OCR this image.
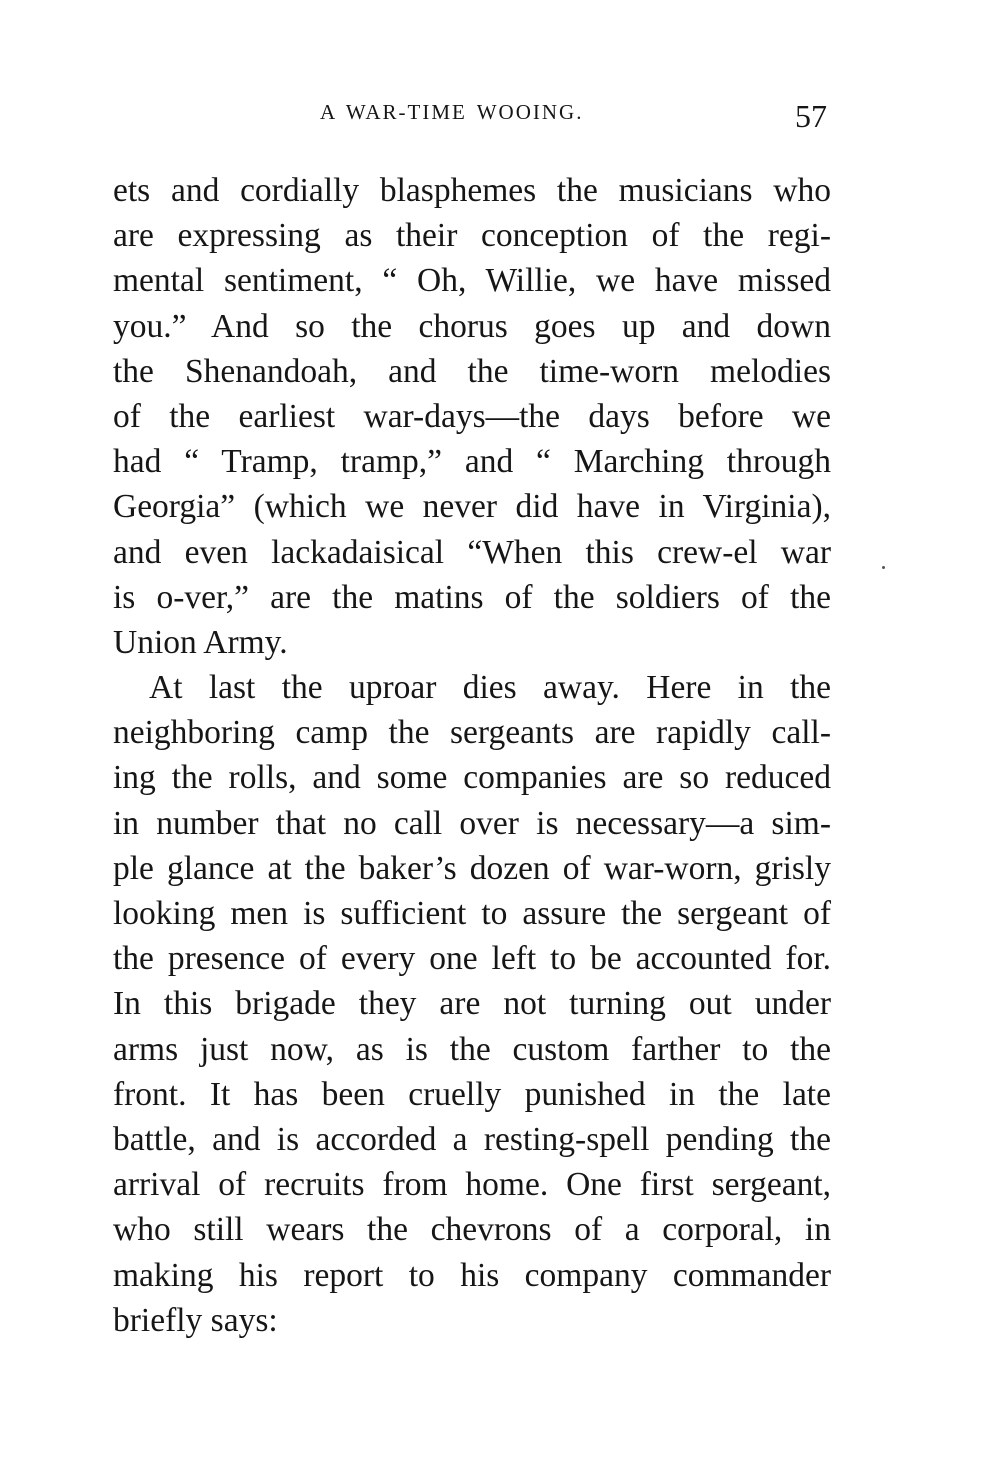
A WAR-TIME WOOING.	57
ets and cordially blasphemes the musicians who
are expressing as their conception of the regi-
mental sentiment, “ Oh, Willie, we have missed
you.” And so the chorus goes up and down
the Shenandoah, and the time-worn melodies
of the earliest war-days—the days before we
had “ Tramp, tramp,” and “ Marching through
Georgia” (which we never did have in Virginia),
and even lackadaisical “When this crew-el war
is o-ver,” are the matins of the soldiers of the
Union Army.
At last the uproar dies away. Here in the
neighboring camp the sergeants are rapidly call-
ing the rolls, and some companies are so reduced
in number that no call over is necessary—a sim-
ple glance at the baker’s dozen of war-worn, grisly
looking men is sufficient to assure the sergeant of
the presence of every one left to be accounted for.
In this brigade they are not turning out under
arms just now, as is the custom farther to the
front. It has been cruelly punished in the late
battle, and is accorded a resting-spell pending the
arrival of recruits from home. One first sergeant,
who still wears the chevrons of a corporal, in
making his report to his company commander
briefly says:
